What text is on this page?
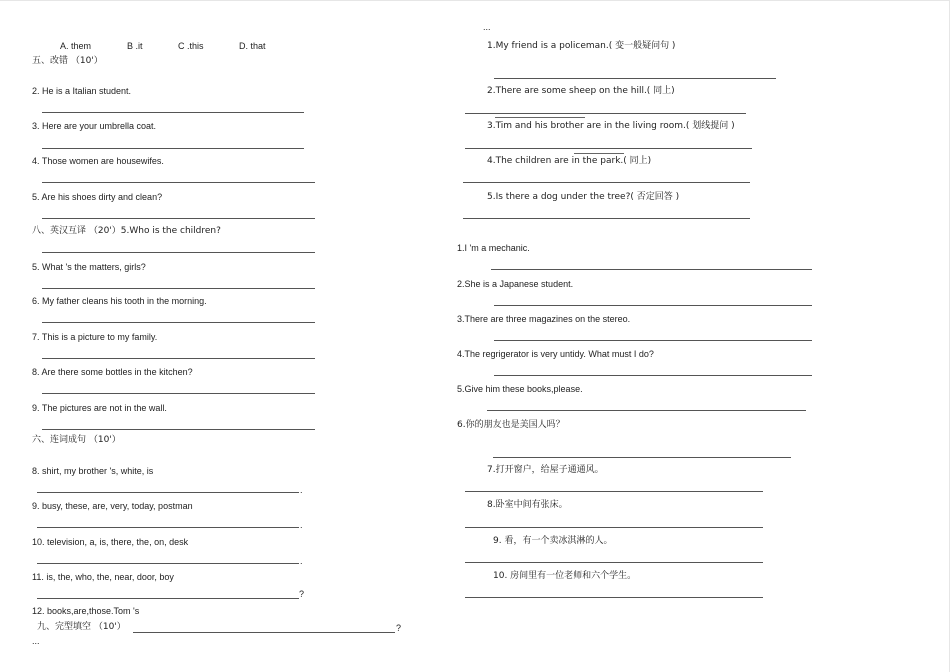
A. them	B .it	C .this	D. that
五、改错 （10'）
2. He is a Italian student.
3. Here are your umbrella coat.
4. Those women are housewifes.
5. Are his shoes dirty and clean?
八、英汉互译 （20'）5.Who is the children?
5. What 's the matters, girls?
6. My father cleans his tooth in the morning.
7. This is a picture to my family.
8. Are there some bottles in the kitchen?
9. The pictures are not in the wall.
六、连词成句 （10'）
8. shirt, my brother 's, white, is
.
9. busy, these, are, very, today, postman
.
10. television, a, is, there, the, on, desk
.
11. is, the, who, the, near, door, boy
?
12. books,are,those.Tom 's
九、完型填空 （10'）	?
...
...
1.My friend is a policeman.( 变一般疑问句 )
2.There are some sheep on the hill.( 同上)
3.Tim and his brother are in the living room.( 划线提问 )
4.The children are in the park.( 同上)
5.Is there a dog under the tree?( 否定回答 )
1.I 'm a mechanic.
2.She is a Japanese student.
3.There are three magazines on the stereo.
4.The regrigerator is very untidy. What must I do?
5.Give him these books,please.
6.你的朋友也是美国人吗？
7.打开窗户，给屋子通通风。
8.卧室中间有张床。
9. 看，有一个卖冰淇淋的人。
10. 房间里有一位老师和六个学生。
